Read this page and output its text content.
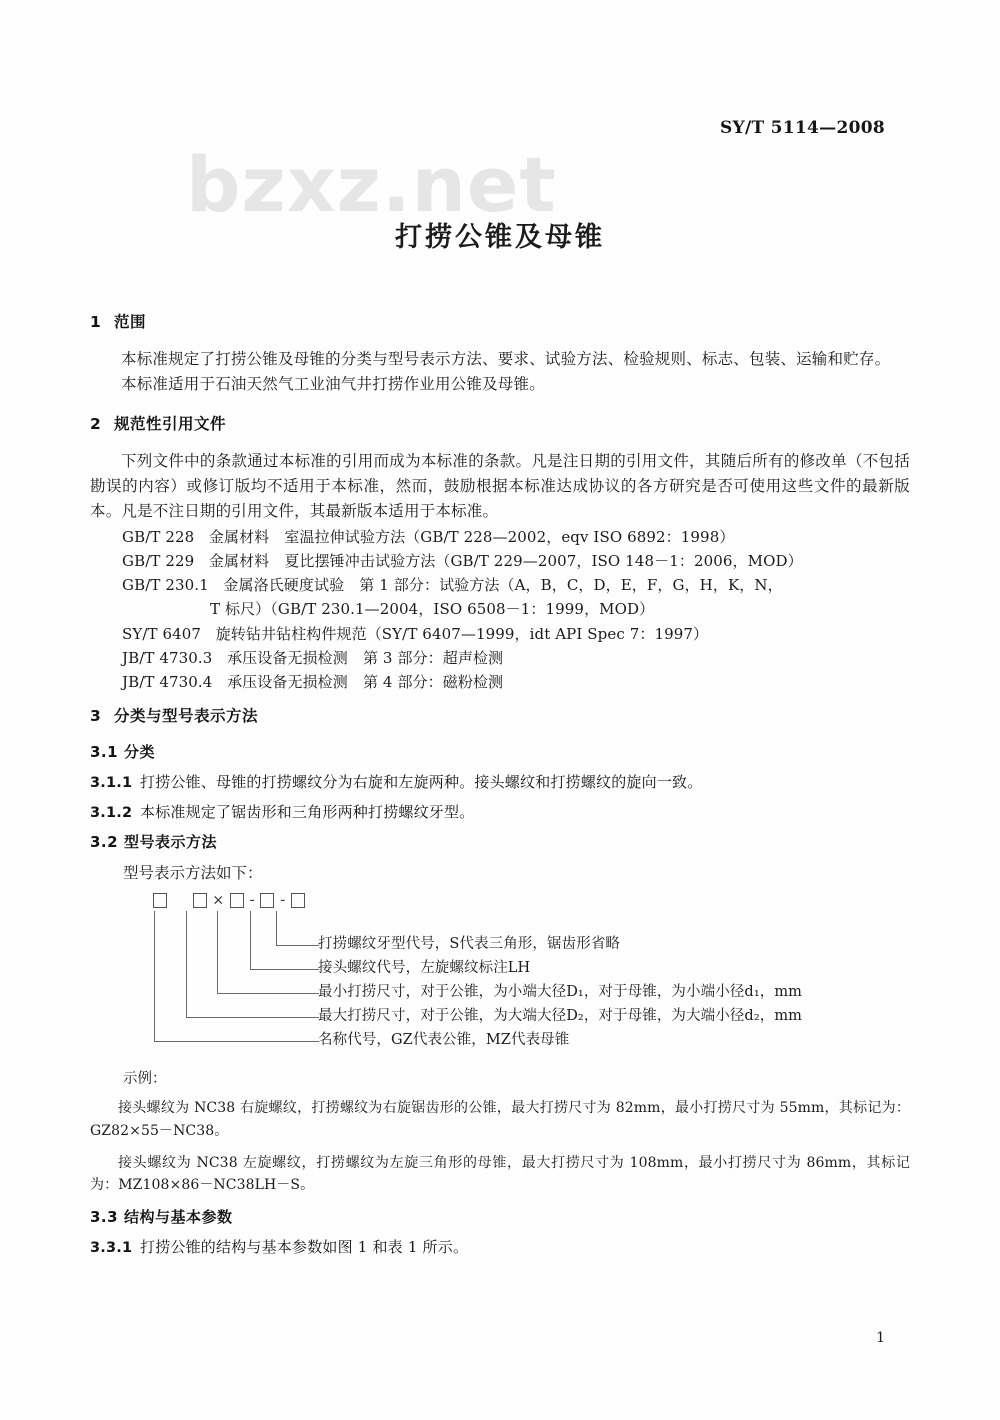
bzxz.net
SY/T 5114—2008
打捞公锥及母锥
1 范围

本标准规定了打捞公锥及母锥的分类与型号表示方法、要求、试验方法、检验规则、标志、包装、运输和贮存。

本标准适用于石油天然气工业油气井打捞作业用公锥及母锥。

2 规范性引用文件

下列文件中的条款通过本标准的引用而成为本标准的条款。凡是注日期的引用文件，其随后所有的修改单（不包括勘误的内容）或修订版均不适用于本标准，然而，鼓励根据本标准达成协议的各方研究是否可使用这些文件的最新版本。凡是不注日期的引用文件，其最新版本适用于本标准。

GB/T 228 金属材料　室温拉伸试验方法（GB/T 228—2002，eqv ISO 6892：1998）
GB/T 229 金属材料　夏比摆锤冲击试验方法（GB/T 229—2007，ISO 148－1：2006，MOD）
GB/T 230.1 金属洛氏硬度试验　第 1 部分：试验方法（A，B，C，D，E，F，G，H，K，N，
T 标尺）（GB/T 230.1—2004，ISO 6508－1：1999，MOD）
SY/T 6407 旋转钻井钻柱构件规范（SY/T 6407—1999，idt API Spec 7：1997）
JB/T 4730.3 承压设备无损检测　第 3 部分：超声检测
JB/T 4730.4 承压设备无损检测　第 4 部分：磁粉检测
3 分类与型号表示方法
3.1 分类
3.1.1 打捞公锥、母锥的打捞螺纹分为右旋和左旋两种。接头螺纹和打捞螺纹的旋向一致。
3.1.2 本标准规定了锯齿形和三角形两种打捞螺纹牙型。
3.2 型号表示方法

型号表示方法如下：

× - -
打捞螺纹牙型代号，S代表三角形，锯齿形省略
接头螺纹代号，左旋螺纹标注LH
最小打捞尺寸，对于公锥，为小端大径D₁，对于母锥，为小端小径d₁，mm
最大打捞尺寸，对于公锥，为大端大径D₂，对于母锥，为大端小径d₂，mm
名称代号，GZ代表公锥，MZ代表母锥

示例：

接头螺纹为 NC38 右旋螺纹，打捞螺纹为右旋锯齿形的公锥，最大打捞尺寸为 82mm，最小打捞尺寸为 55mm，其标记为：GZ82×55－NC38。

接头螺纹为 NC38 左旋螺纹，打捞螺纹为左旋三角形的母锥，最大打捞尺寸为 108mm，最小打捞尺寸为 86mm，其标记为：MZ108×86－NC38LH－S。

3.3 结构与基本参数
3.3.1 打捞公锥的结构与基本参数如图 1 和表 1 所示。
1
